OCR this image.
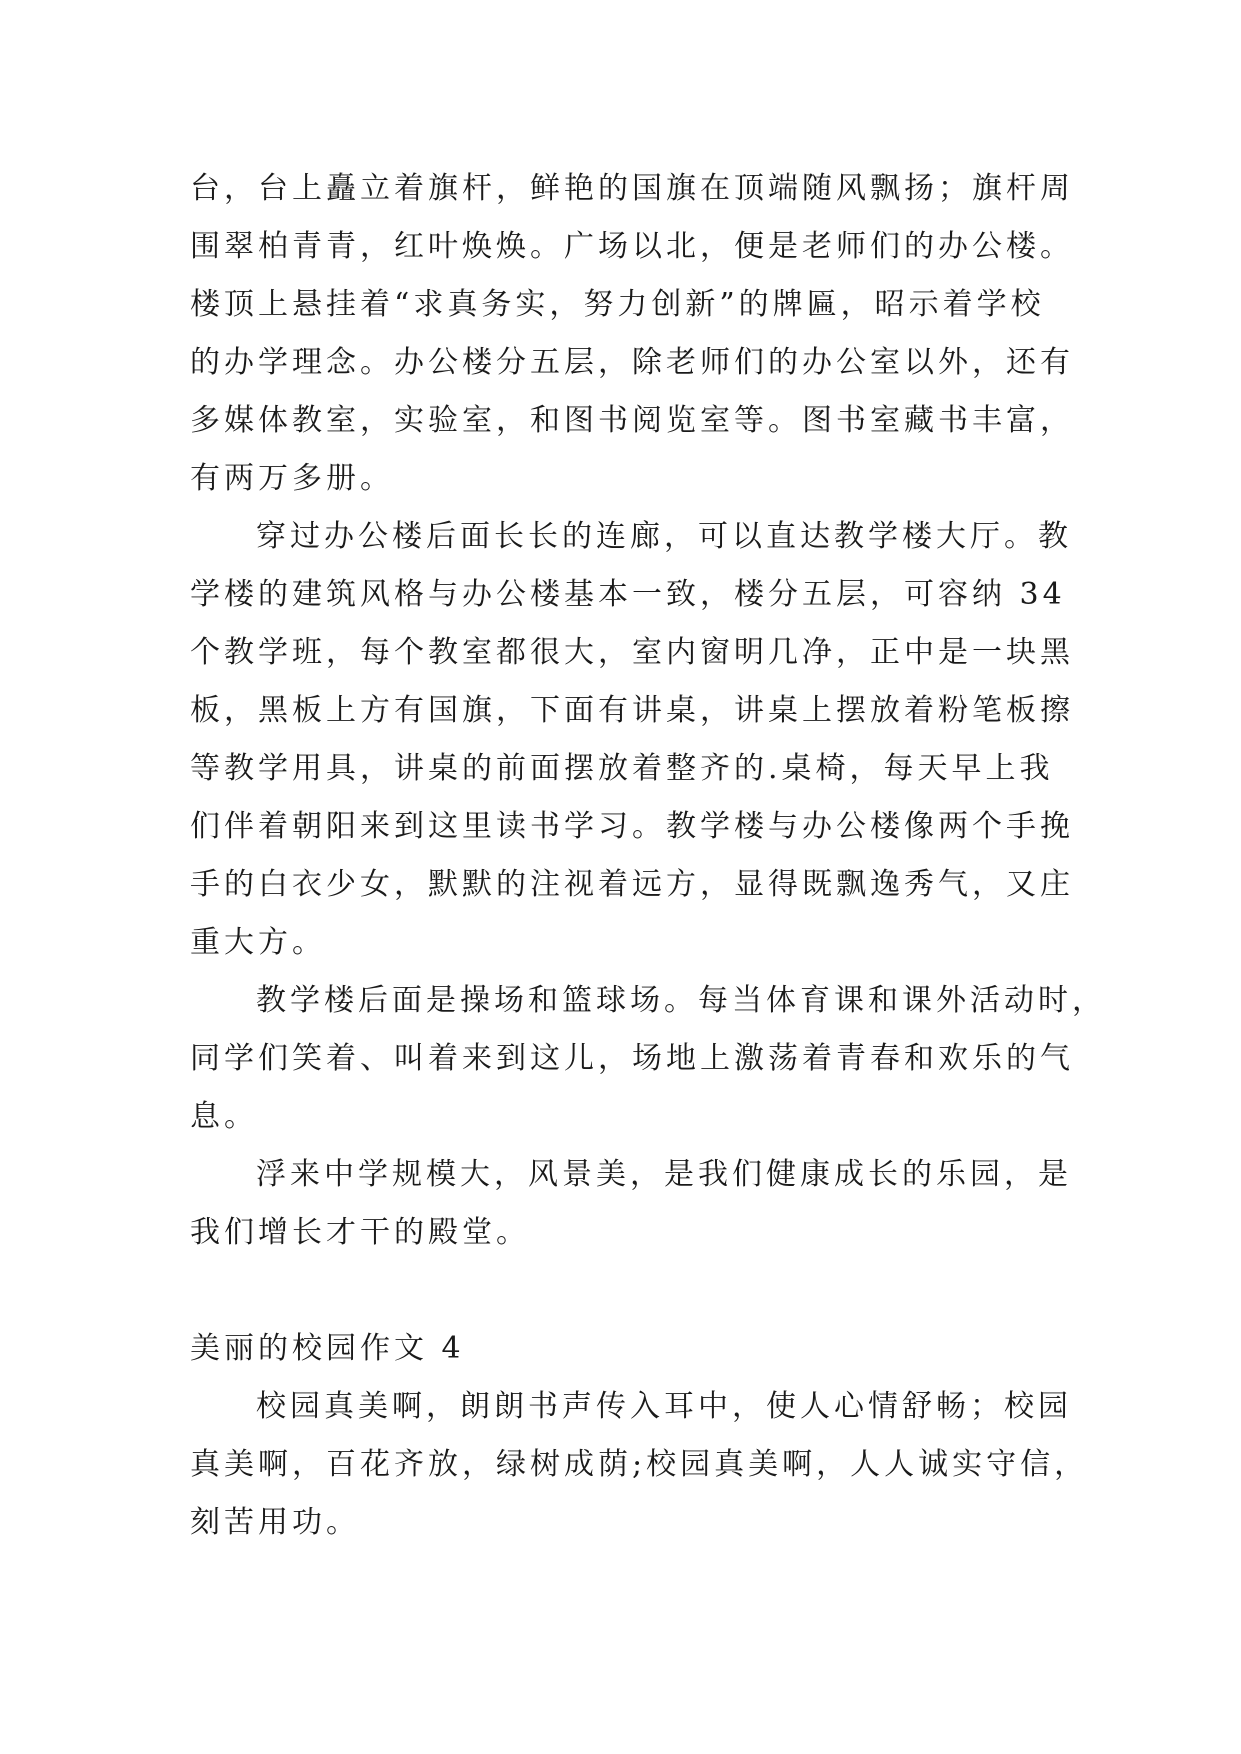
台，台上矗立着旗杆，鲜艳的国旗在顶端随风飘扬；旗杆周
围翠柏青青，红叶焕焕。广场以北，便是老师们的办公楼。
楼顶上悬挂着“求真务实，努力创新”的牌匾，昭示着学校
的办学理念。办公楼分五层，除老师们的办公室以外，还有
多媒体教室，实验室，和图书阅览室等。图书室藏书丰富，
有两万多册。
穿过办公楼后面长长的连廊，可以直达教学楼大厅。教
学楼的建筑风格与办公楼基本一致，楼分五层，可容纳 34
个教学班，每个教室都很大，室内窗明几净，正中是一块黑
板，黑板上方有国旗，下面有讲桌，讲桌上摆放着粉笔板擦
等教学用具，讲桌的前面摆放着整齐的.桌椅，每天早上我
们伴着朝阳来到这里读书学习。教学楼与办公楼像两个手挽
手的白衣少女，默默的注视着远方，显得既飘逸秀气，又庄
重大方。
教学楼后面是操场和篮球场。每当体育课和课外活动时，
同学们笑着、叫着来到这儿，场地上激荡着青春和欢乐的气
息。
浮来中学规模大，风景美，是我们健康成长的乐园，是
我们增长才干的殿堂。
美丽的校园作文 4
校园真美啊，朗朗书声传入耳中，使人心情舒畅；校园
真美啊，百花齐放，绿树成荫;校园真美啊，人人诚实守信，
刻苦用功。
